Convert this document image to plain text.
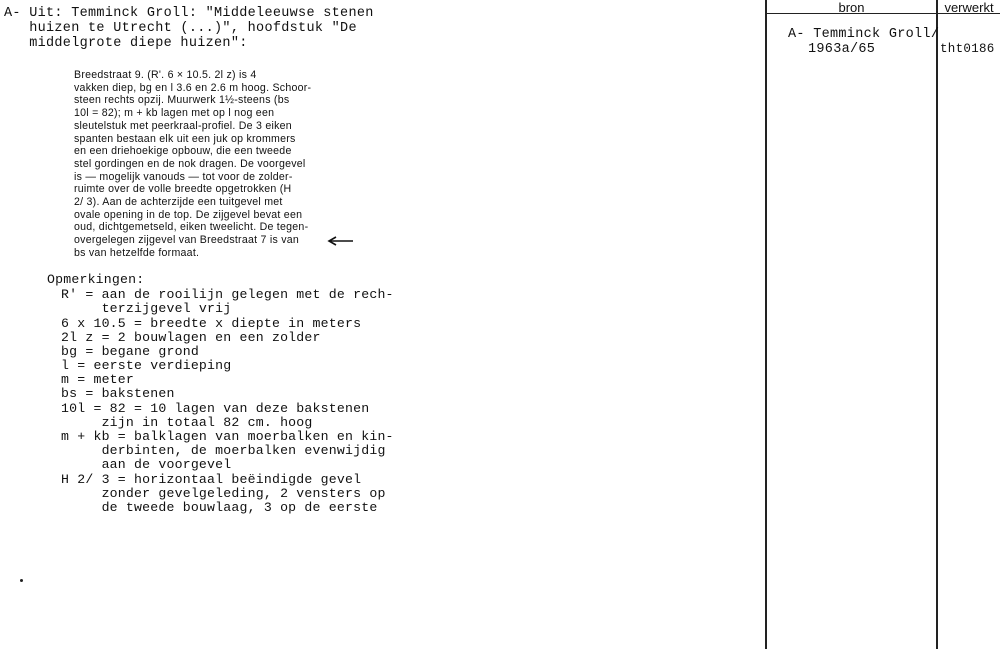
bron	verwerkt
A- Temminck Groll/
1963a/65	tht0186
A- Uit: Temminck Groll: "Middeleeuwse stenen
huizen te Utrecht (...)", hoofdstuk "De
middelgrote diepe huizen":

Breedstraat 9. (R'. 6 × 10.5. 2l z) is 4

vakken diep, bg en l 3.6 en 2.6 m hoog. Schoor-

steen rechts opzij. Muurwerk 1½-steens (bs

10l = 82); m + kb lagen met op l nog een

sleutelstuk met peerkraal-profiel. De 3 eiken

spanten bestaan elk uit een juk op krommers

en een driehoekige opbouw, die een tweede

stel gordingen en de nok dragen. De voorgevel

is — mogelijk vanouds — tot voor de zolder-

ruimte over de volle breedte opgetrokken (H

2/ 3). Aan de achterzijde een tuitgevel met

ovale opening in de top. De zijgevel bevat een

oud, dichtgemetseld, eiken tweelicht. De tegen-

overgelegen zijgevel van Breedstraat 7 is van

bs van hetzelfde formaat.

Opmerkingen:
R' = aan de rooilijn gelegen met de rech-
terzijgevel vrij
6 x 10.5 = breedte x diepte in meters
2l z = 2 bouwlagen en een zolder
bg = begane grond
l = eerste verdieping
m = meter
bs = bakstenen
10l = 82 = 10 lagen van deze bakstenen
zijn in totaal 82 cm. hoog
m + kb = balklagen van moerbalken en kin-
derbinten, de moerbalken evenwijdig
aan de voorgevel
H 2/ 3 = horizontaal beëindigde gevel
zonder gevelgeleding, 2 vensters op
de tweede bouwlaag, 3 op de eerste
